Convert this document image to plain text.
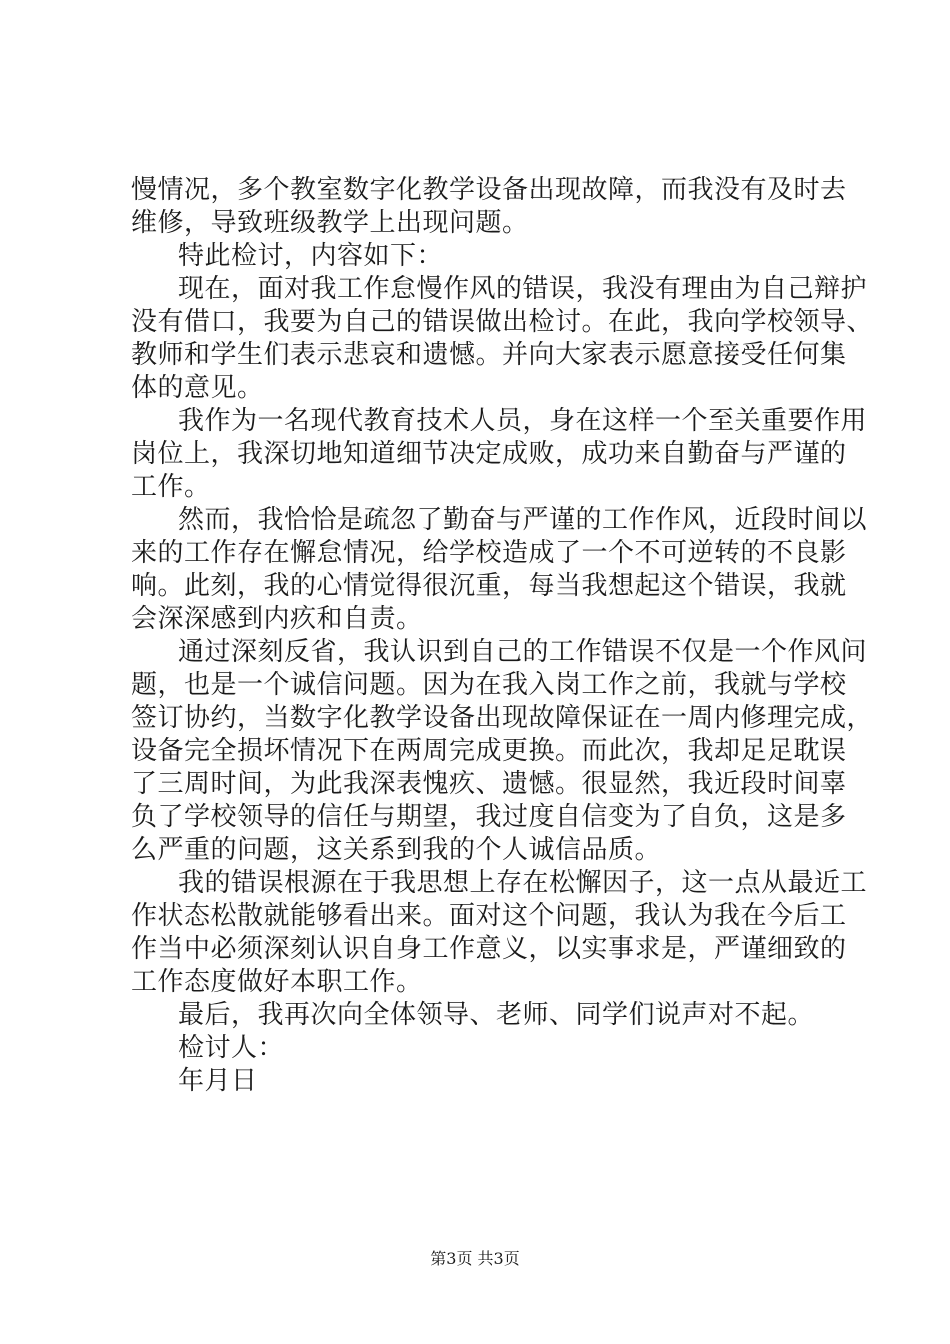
慢情况，多个教室数字化教学设备出现故障，而我没有及时去
维修，导致班级教学上出现问题。
特此检讨，内容如下：
现在，面对我工作怠慢作风的错误，我没有理由为自己辩护
没有借口，我要为自己的错误做出检讨。在此，我向学校领导、
教师和学生们表示悲哀和遗憾。并向大家表示愿意接受任何集
体的意见。
我作为一名现代教育技术人员，身在这样一个至关重要作用
岗位上，我深切地知道细节决定成败，成功来自勤奋与严谨的
工作。
然而，我恰恰是疏忽了勤奋与严谨的工作作风，近段时间以
来的工作存在懈怠情况，给学校造成了一个不可逆转的不良影
响。此刻，我的心情觉得很沉重，每当我想起这个错误，我就
会深深感到内疚和自责。
通过深刻反省，我认识到自己的工作错误不仅是一个作风问
题，也是一个诚信问题。因为在我入岗工作之前，我就与学校
签订协约，当数字化教学设备出现故障保证在一周内修理完成，
设备完全损坏情况下在两周完成更换。而此次，我却足足耽误
了三周时间，为此我深表愧疚、遗憾。很显然，我近段时间辜
负了学校领导的信任与期望，我过度自信变为了自负，这是多
么严重的问题，这关系到我的个人诚信品质。
我的错误根源在于我思想上存在松懈因子，这一点从最近工
作状态松散就能够看出来。面对这个问题，我认为我在今后工
作当中必须深刻认识自身工作意义，以实事求是，严谨细致的
工作态度做好本职工作。
最后，我再次向全体领导、老师、同学们说声对不起。
检讨人：
年月日
第3页 共3页
